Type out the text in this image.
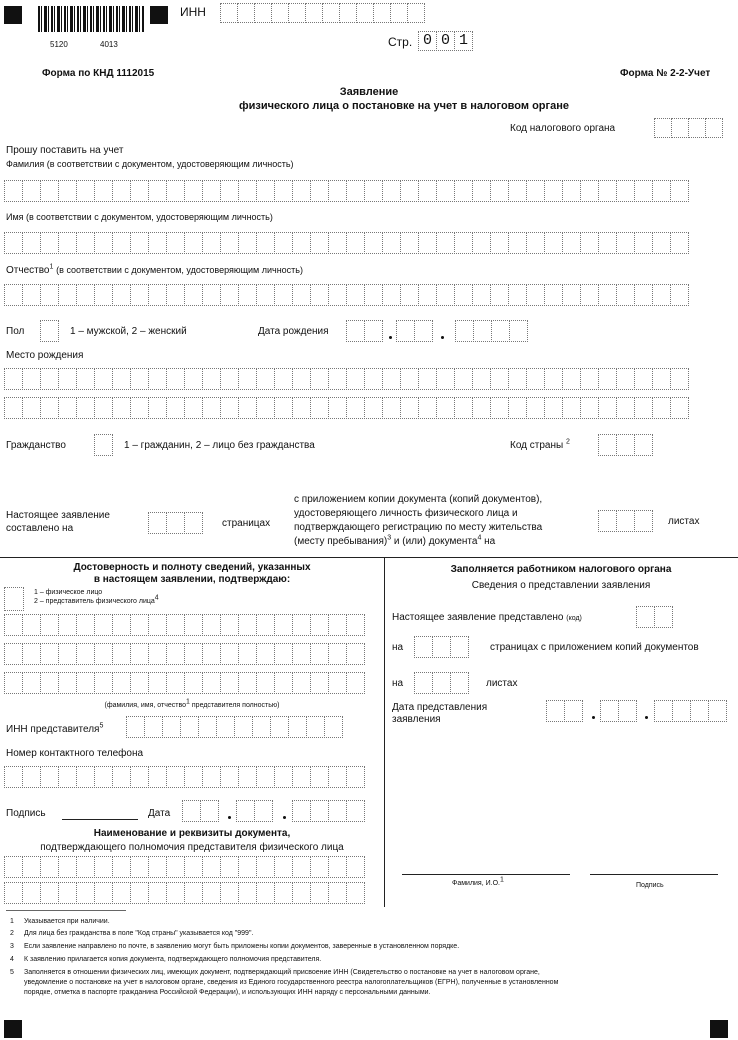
5120	4013
ИНН
Стр. 0 0 1
Форма по КНД 1112015	Форма № 2-2-Учет
Заявление
физического лица о постановке на учет в налоговом органе
Код налогового органа
Прошу поставить на учет
Фамилия (в соответствии с документом, удостоверяющим личность)
Имя (в соответствии с документом, удостоверяющим личность)
Отчество$^1$ (в соответствии с документом, удостоверяющим личность)
Пол	1 – мужской, 2 – женский	Дата рождения
Место рождения
Гражданство	1 – гражданин, 2 – лицо без гражданства	Код страны $^2$
Настоящее заявление
составлено на	страницах
с приложением копии документа (копий документов),
удостоверяющего личность физического лица и
подтверждающего регистрацию по месту жительства
(месту пребывания)$^3$ и (или) документа$^4$ на
листах
Достоверность и полноту сведений, указанных
в настоящем заявлении, подтверждаю:
1 – физическое лицо
2 – представитель физического лица$^4$
(фамилия, имя, отчество$^1$ представителя полностью)
ИНН представителя$^5$
Номер контактного телефона
Подпись	Дата
Наименование и реквизиты документа,
подтверждающего полномочия представителя физического лица
Заполняется работником налогового органа
Сведения о представлении заявления
Настоящее заявление представлено (код)
на	страницах с приложением копий документов
на	листах
Дата представления
заявления
Фамилия, И.О.$^1$
Подпись
1 Указывается при наличии.
2 Для лица без гражданства в поле "Код страны" указывается код "999".
3 Если заявление направлено по почте, в заявлению могут быть приложены копии документов, заверенные в установленном порядке.
4 К заявлению прилагается копия документа, подтверждающего полномочия представителя.
5 Заполняется в отношении физических лиц, имеющих документ, подтверждающий присвоение ИНН (Свидетельство о постановке на учет в налоговом органе,
уведомление о постановке на учет в налоговом органе, сведения из Единого государственного реестра налогоплательщиков (ЕГРН), полученные в установленном
порядке, отметка в паспорте гражданина Российской Федерации), и использующих ИНН наряду с персональными данными.
